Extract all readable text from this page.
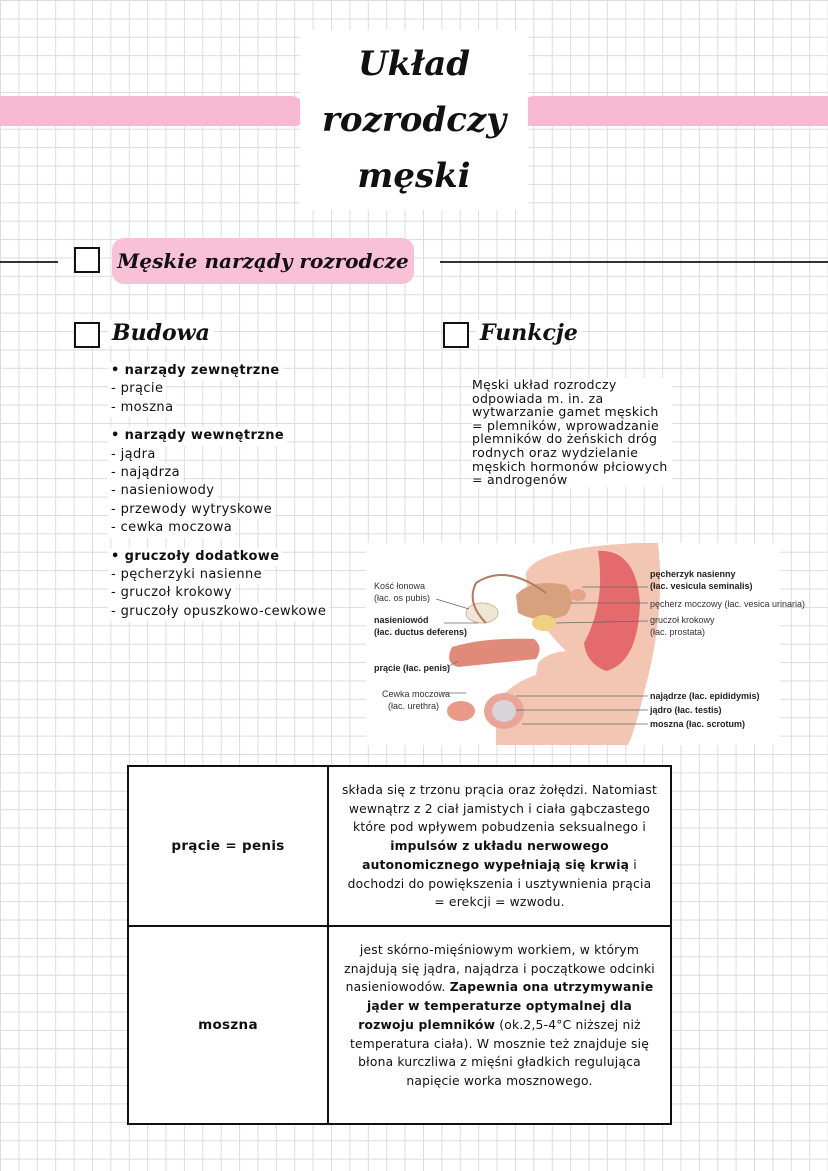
Układ
rozrodczy
męski
Męskie narządy rozrodcze
Budowa
• narządy zewnętrzne
- prącie
- moszna
• narządy wewnętrzne
- jądra
- najądrza
- nasieniowody
- przewody wytryskowe
- cewka moczowa
• gruczoły dodatkowe
- pęcherzyki nasienne
- gruczoł krokowy
- gruczoły opuszkowo-cewkowe
Funkcje
Męski układ rozrodczy odpowiada m. in. za wytwarzanie gamet męskich = plemników, wprowadzanie plemników do żeńskich dróg rodnych oraz wydzielanie męskich hormonów płciowych = androgenów
Kość łonowa
(łac. os pubis)
nasieniowód
(łac. ductus deferens)
prącie (łac. penis)
Cewka moczowa
(łac. urethra)
pęcherzyk nasienny
(łac. vesicula seminalis)
pęcherz moczowy (łac. vesica urinaria)
gruczoł krokowy
(łac. prostata)
najądrze (łac. epididymis)
jądro (łac. testis)
moszna (łac. scrotum)
prącie = penis
składa się z trzonu prącia oraz żołędzi. Natomiast wewnątrz z 2 ciał jamistych i ciała gąbczastego które pod wpływem pobudzenia seksualnego i impulsów z układu nerwowego autonomicznego wypełniają się krwią i dochodzi do powiększenia i usztywnienia prącia = erekcji = wzwodu.
moszna
jest skórno-mięśniowym workiem, w którym znajdują się jądra, najądrza i początkowe odcinki nasieniowodów. Zapewnia ona utrzymywanie jąder w temperaturze optymalnej dla rozwoju plemników (ok.2,5-4°C niższej niż temperatura ciała). W mosznie też znajduje się błona kurczliwa z mięśni gładkich regulująca napięcie worka mosznowego.
